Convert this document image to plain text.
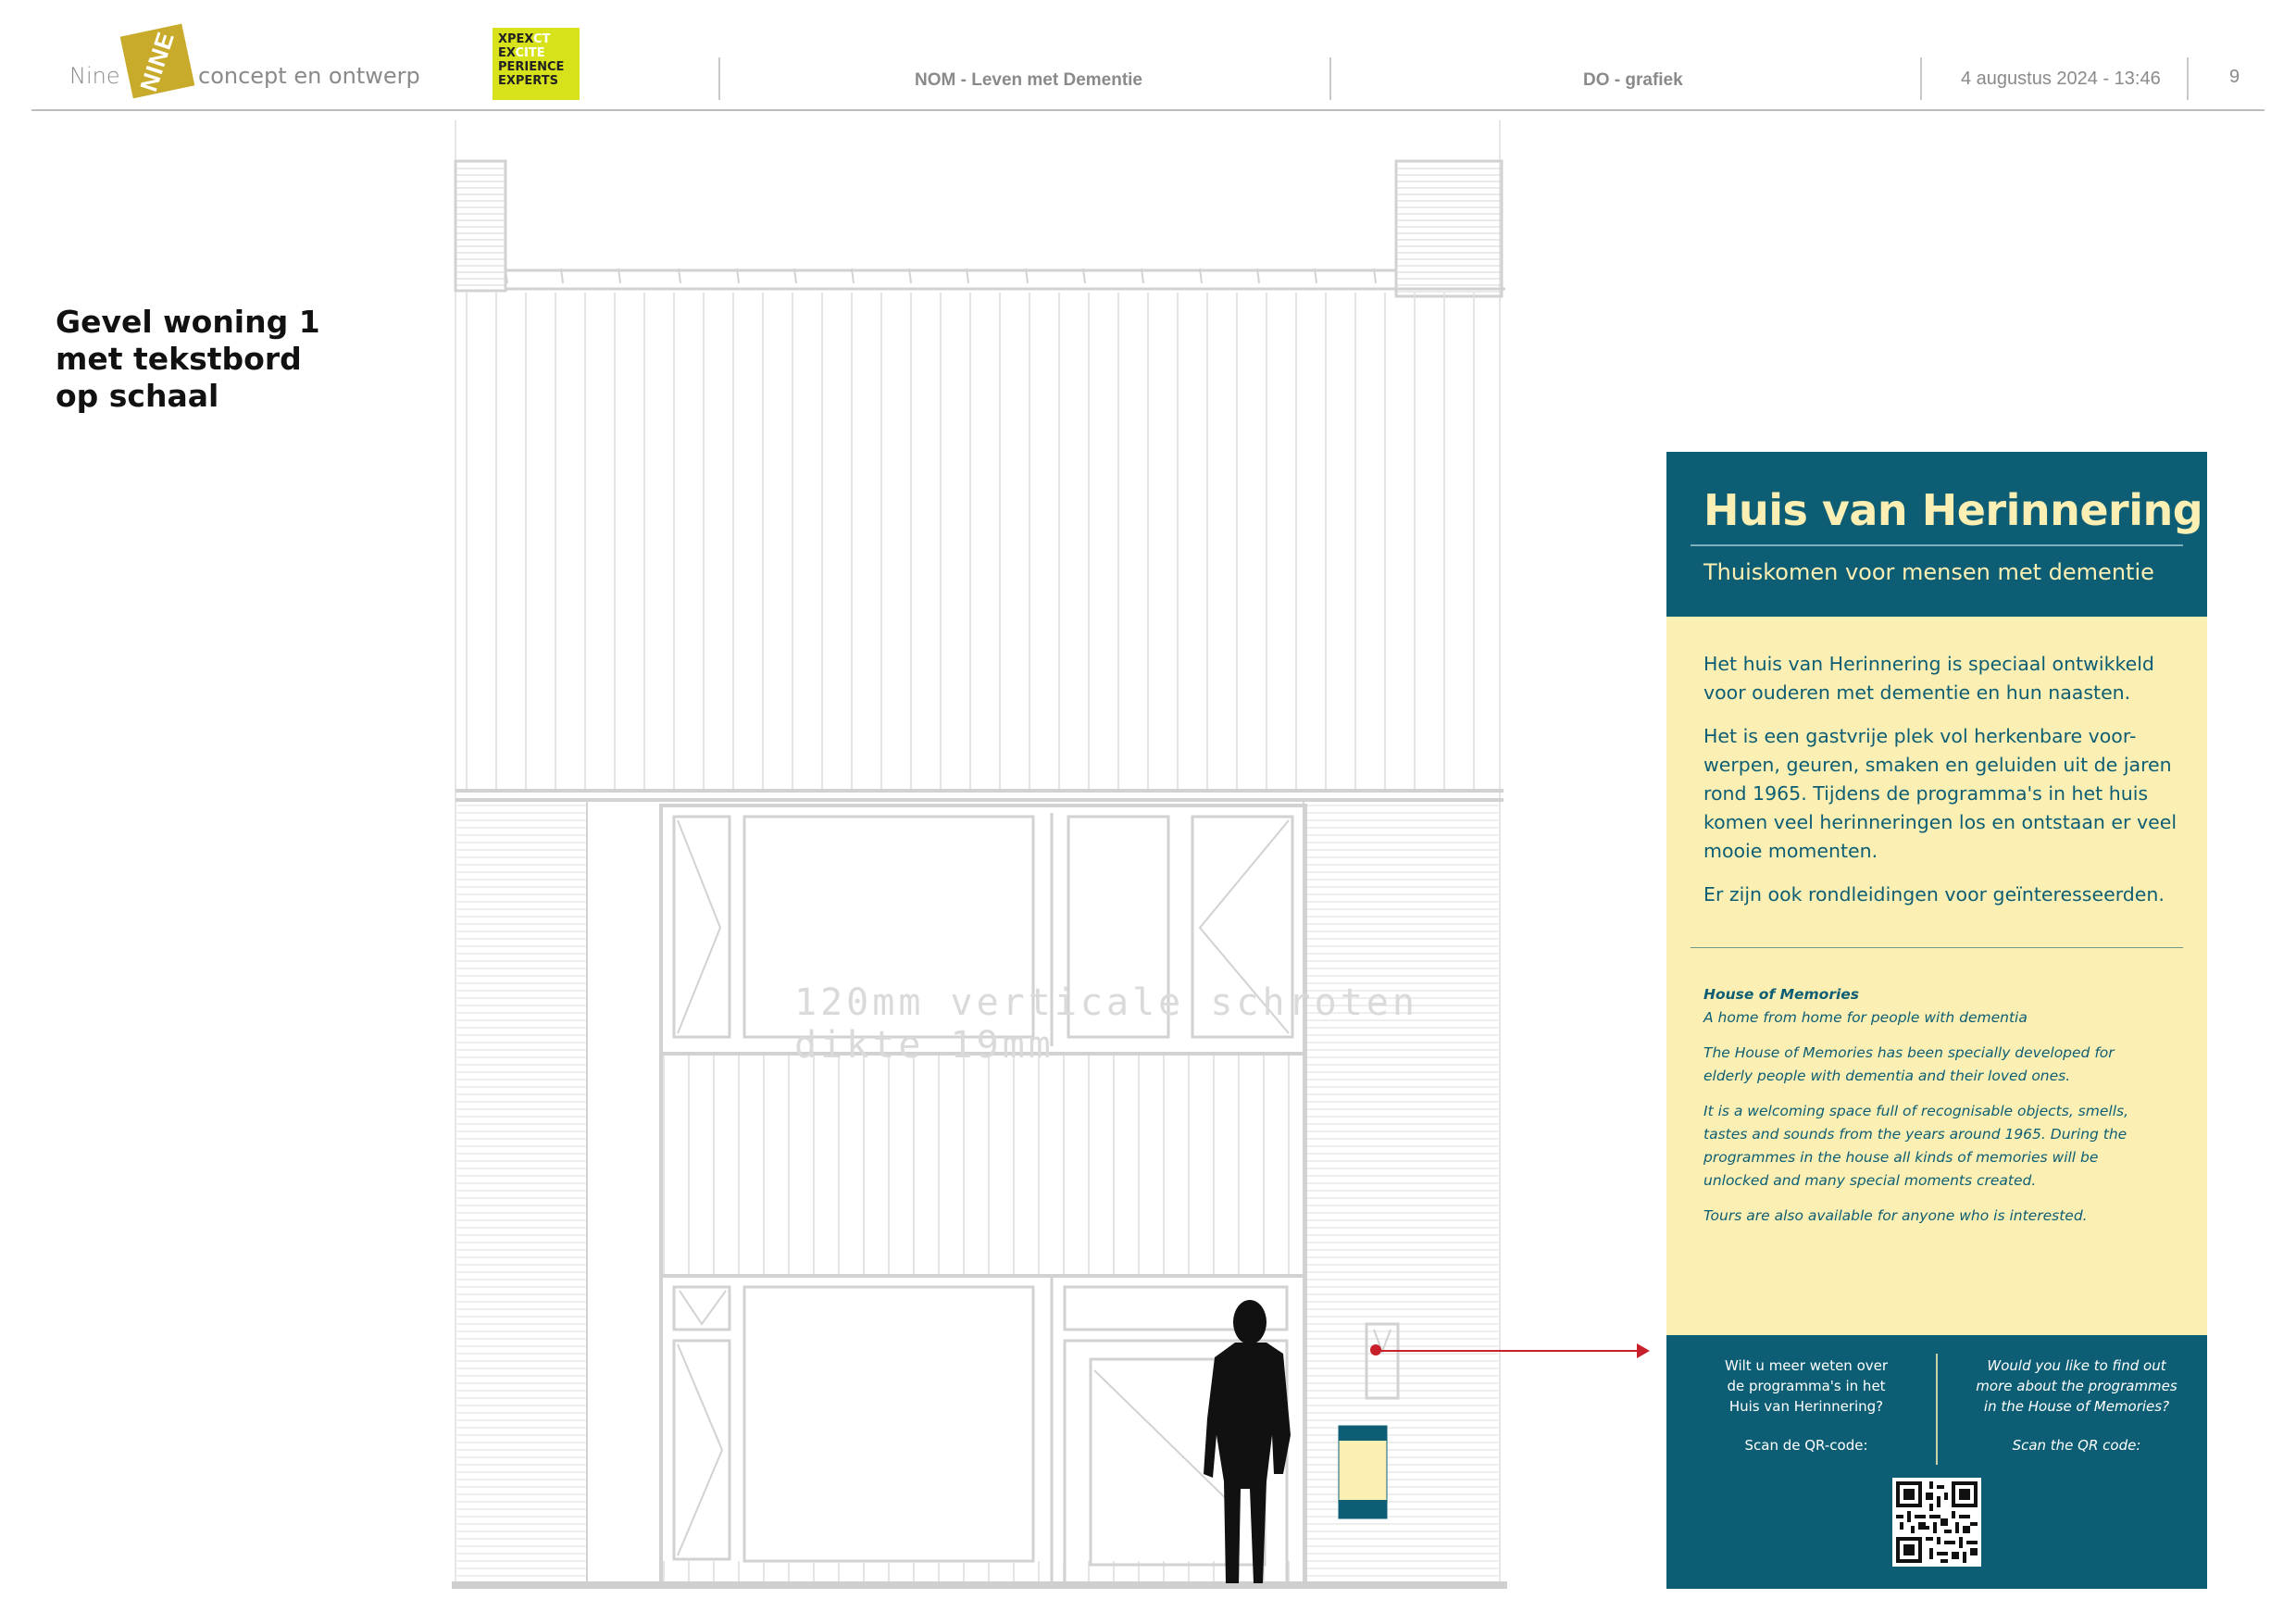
Nine NINE concept en ontwerp
XPEXCT
EXCITE
PERIENCE
EXPERTS	NOM - Leven met Dementie	DO - grafiek	4 augustus 2024 - 13:46	9
Gevel woning 1
met tekstbord
op schaal
120mm verticale schroten
dikte 19mm
Huis van Herinnering
Thuiskomen voor mensen met dementie

Het huis van Herinnering is speciaal ontwikkeld voor ouderen met dementie en hun naasten.

Het is een gastvrije plek vol herkenbare voor-werpen, geuren, smaken en geluiden uit de jaren rond 1965. Tijdens de programma's in het huis komen veel herinneringen los en ontstaan er veel mooie momenten.

Er zijn ook rondleidingen voor geïnteresseerden.

House of Memories

A home from home for people with dementia

The House of Memories has been specially developed for elderly people with dementia and their loved ones.

It is a welcoming space full of recognisable objects, smells, tastes and sounds from the years around 1965. During the programmes in the house all kinds of memories will be unlocked and many special moments created.

Tours are also available for anyone who is interested.

Wilt u meer weten over
de programma's in het
Huis van Herinnering?
Would you like to find out
more about the programmes
in the House of Memories?
Scan de QR-code:	Scan the QR code:
